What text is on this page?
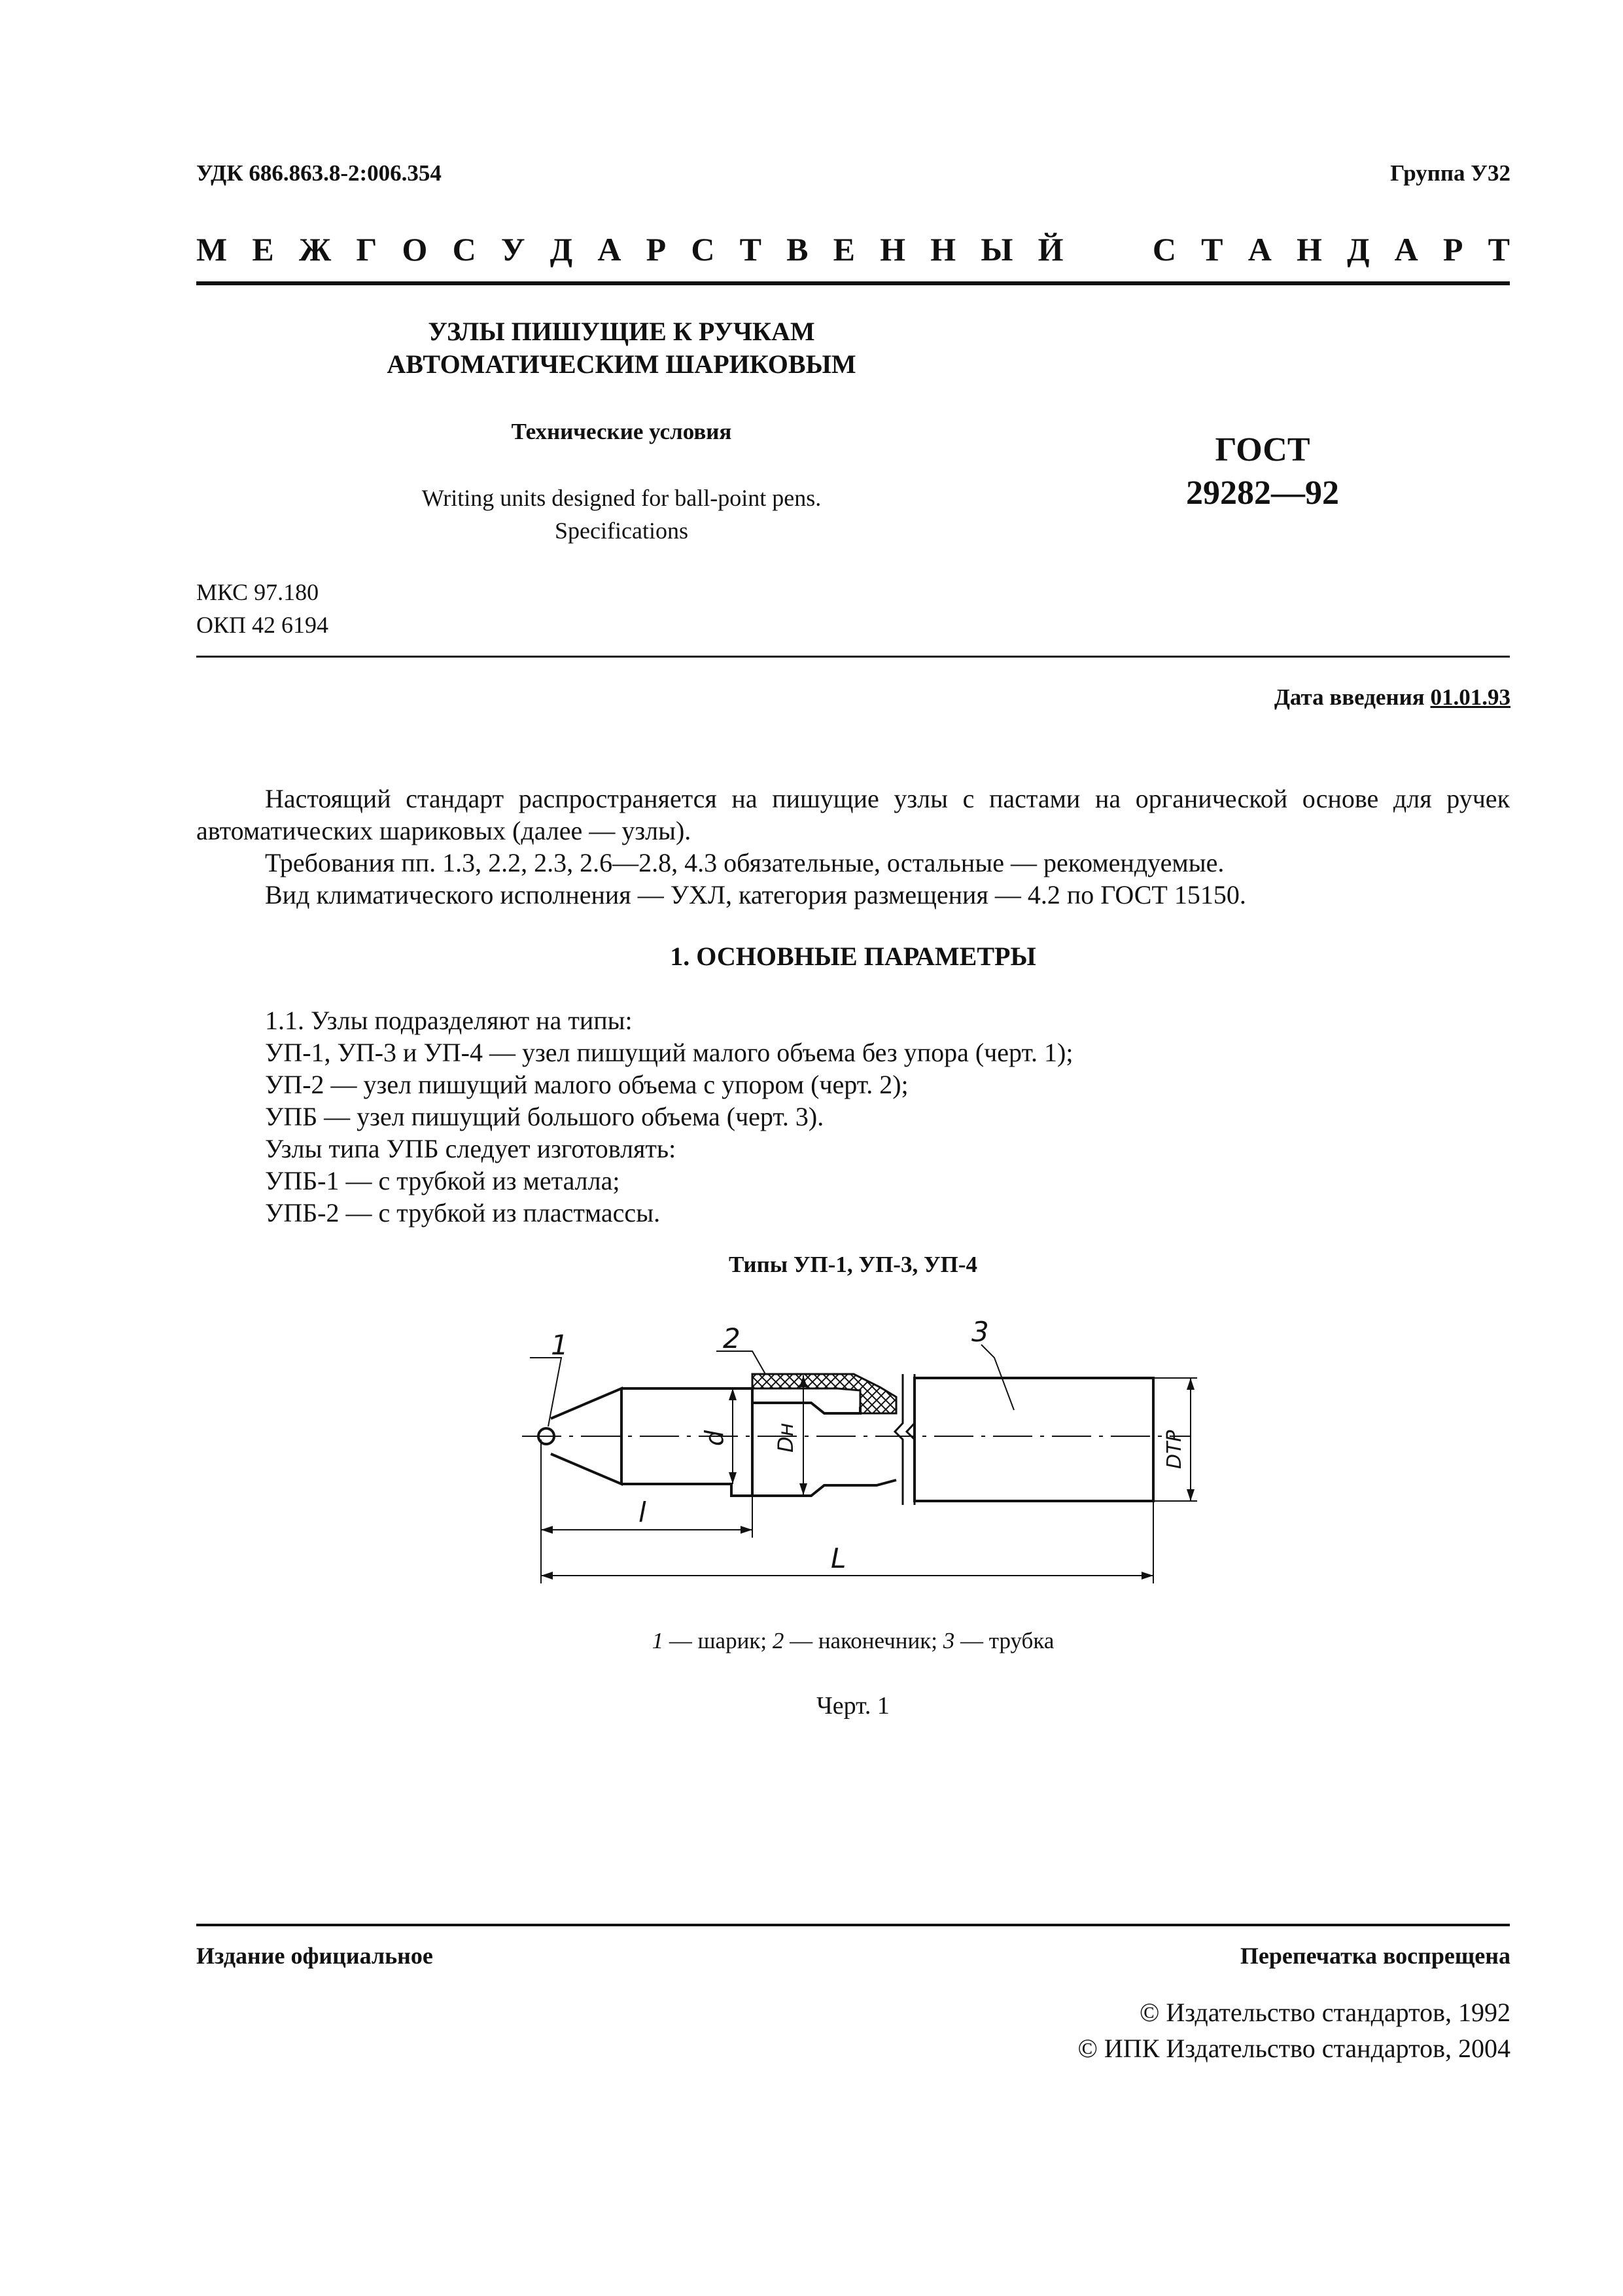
УДК 686.863.8-2:006.354	Группа У32
М Е Ж Г О С У Д А Р С Т В Е Н Н Ы Й	С Т А Н Д А Р Т
УЗЛЫ ПИШУЩИЕ К РУЧКАМ
АВТОМАТИЧЕСКИМ ШАРИКОВЫМ
Технические условия
Writing units designed for ball-point pens.
Specifications
ГОСТ
29282—92
МКС 97.180
ОКП 42 6194
Дата введения 01.01.93
Настоящий стандарт распространяется на пишущие узлы с пастами на органической основе для ручек автоматических шариковых (далее — узлы).
Требования пп. 1.3, 2.2, 2.3, 2.6—2.8, 4.3 обязательные, остальные — рекомендуемые.
Вид климатического исполнения — УХЛ, категория размещения — 4.2 по ГОСТ 15150.
1. ОСНОВНЫЕ ПАРАМЕТРЫ
1.1. Узлы подразделяют на типы:
УП-1, УП-3 и УП-4 — узел пишущий малого объема без упора (черт. 1);
УП-2 — узел пишущий малого объема с упором (черт. 2);
УПБ — узел пишущий большого объема (черт. 3).
Узлы типа УПБ следует изготовлять:
УПБ-1 — с трубкой из металла;
УПБ-2 — с трубкой из пластмассы.
Типы УП-1, УП-3, УП-4
1	2	3
d Dн	DТР
l
L
1 — шарик; 2 — наконечник; 3 — трубка
Черт. 1
Издание официальное	Перепечатка воспрещена
© Издательство стандартов, 1992
© ИПК Издательство стандартов, 2004
